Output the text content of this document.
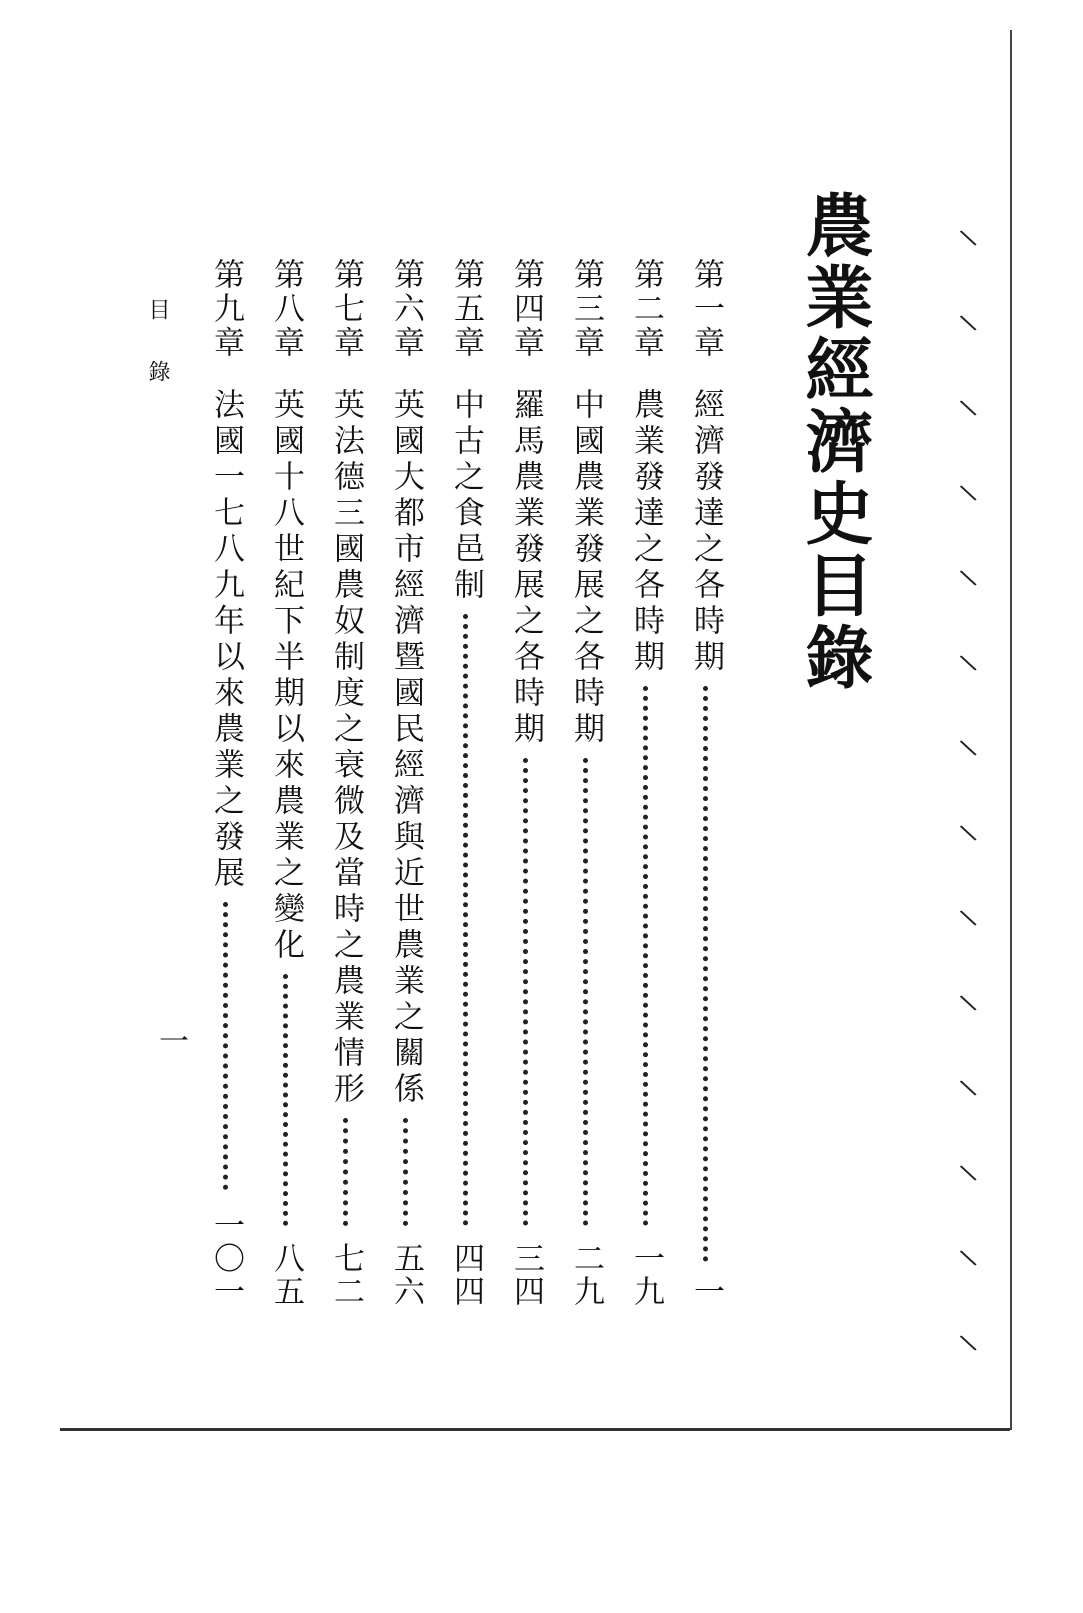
農業經濟史目錄
第一章
經濟發達之各時期
一
第二章
農業發達之各時期
一九
第三章
中國農業發展之各時期
二九
第四章
羅馬農業發展之各時期
三四
第五章
中古之食邑制
四四
第六章
英國大都市經濟暨國民經濟與近世農業之關係
五六
第七章
英法德三國農奴制度之衰微及當時之農業情形
七二
第八章
英國十八世紀下半期以來農業之變化
八五
第九章
法國一七八九年以來農業之發展
一〇一
目錄
一
∖
∖
∖
∖
∖
∖
∖
∖
∖
∖
∖
∖
∖
∖
